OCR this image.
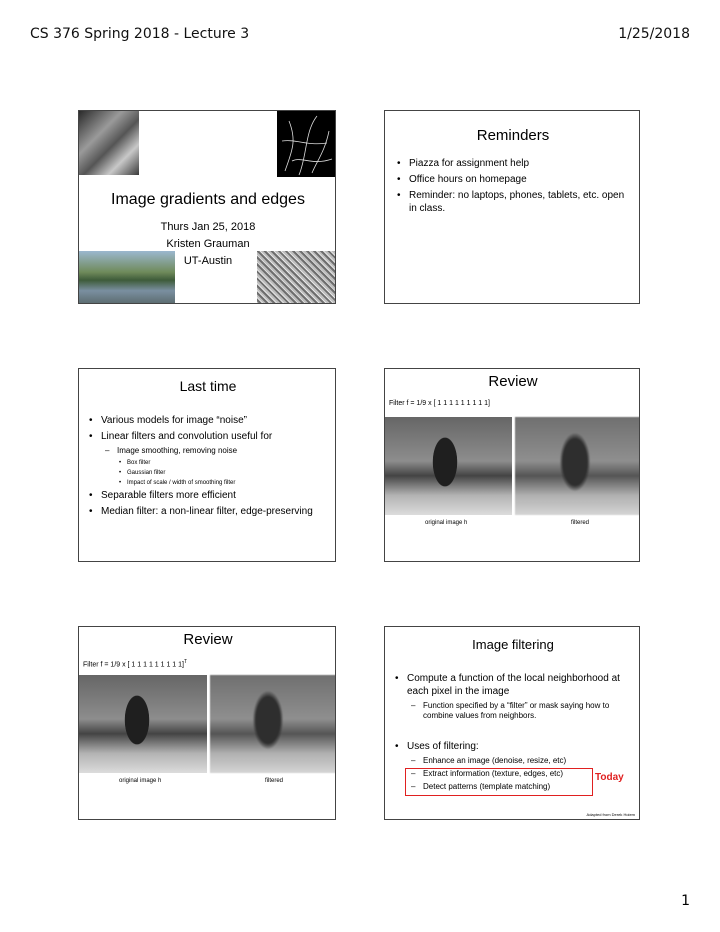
CS 376 Spring 2018 - Lecture 3	1/25/2018
Image gradients and edges
Thurs Jan 25, 2018
Kristen Grauman
UT-Austin
Reminders
• Piazza for assignment help
• Office hours on homepage
• Reminder: no laptops, phones, tablets, etc. open in class.
Last time
• Various models for image “noise”
• Linear filters and convolution useful for
– Image smoothing, removing noise
• Box filter
• Gaussian filter
• Impact of scale / width of smoothing filter
• Separable filters more efficient
• Median filter: a non-linear filter, edge-preserving
Review
Filter f = 1/9 x [ 1 1 1 1 1 1 1 1 1]
original image h	filtered
Review
Filter f = 1/9 x [ 1 1 1 1 1 1 1 1 1]$^T$
original image h	filtered
Image filtering
• Compute a function of the local neighborhood at each pixel in the image
– Function specified by a “filter” or mask saying how to combine values from neighbors.
• Uses of filtering:
– Enhance an image (denoise, resize, etc)
– Extract information (texture, edges, etc)
– Detect patterns (template matching)
Today
Adapted from Derek Hoiem
1
